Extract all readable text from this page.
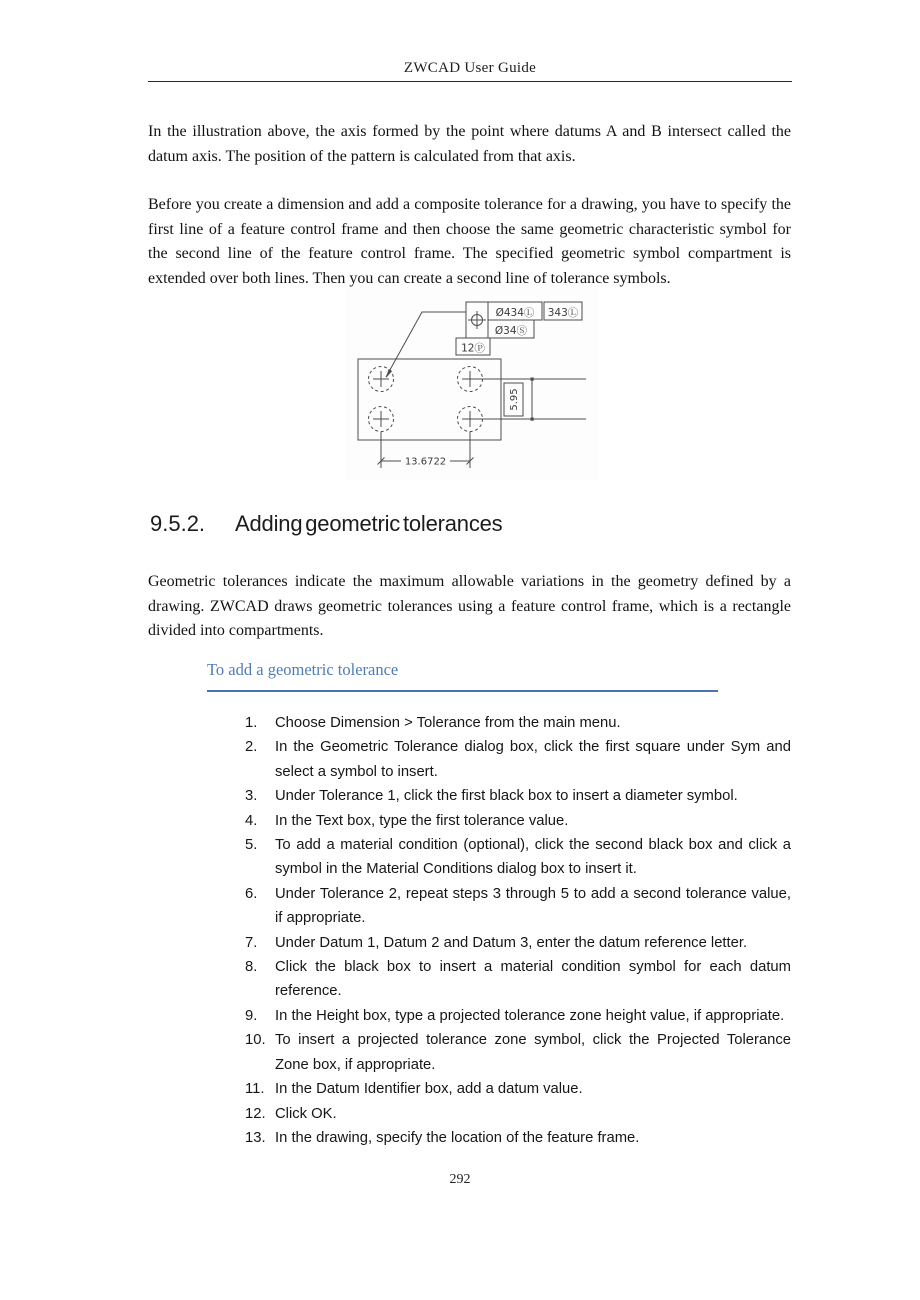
ZWCAD User Guide

In the illustration above, the axis formed by the point where datums A and B intersect called the datum axis. The position of the pattern is calculated from that axis.

Before you create a dimension and add a composite tolerance for a drawing, you have to specify the first line of a feature control frame and then choose the same geometric characteristic symbol for the second line of the feature control frame. The specified geometric symbol compartment is extended over both lines. Then you can create a second line of tolerance symbols.

Ø434Ⓛ 343Ⓛ
Ø34Ⓢ
12Ⓟ
5.95
13.6722
9.5.2. Adding geometric tolerances

Geometric tolerances indicate the maximum allowable variations in the geometry defined by a drawing. ZWCAD draws geometric tolerances using a feature control frame, which is a rectangle divided into compartments.

To add a geometric tolerance
1.	Choose Dimension > Tolerance from the main menu.
2.	In the Geometric Tolerance dialog box, click the first square under Sym and select a symbol to insert.
3.	Under Tolerance 1, click the first black box to insert a diameter symbol.
4.	In the Text box, type the first tolerance value.
5.	To add a material condition (optional), click the second black box and click a symbol in the Material Conditions dialog box to insert it.
6.	Under Tolerance 2, repeat steps 3 through 5 to add a second tolerance value, if appropriate.
7.	Under Datum 1, Datum 2 and Datum 3, enter the datum reference letter.
8.	Click the black box to insert a material condition symbol for each datum reference.
9.	In the Height box, type a projected tolerance zone height value, if appropriate.
10. To insert a projected tolerance zone symbol, click the Projected Tolerance Zone box, if appropriate.
11. In the Datum Identifier box, add a datum value.
12. Click OK.
13. In the drawing, specify the location of the feature frame.
292
